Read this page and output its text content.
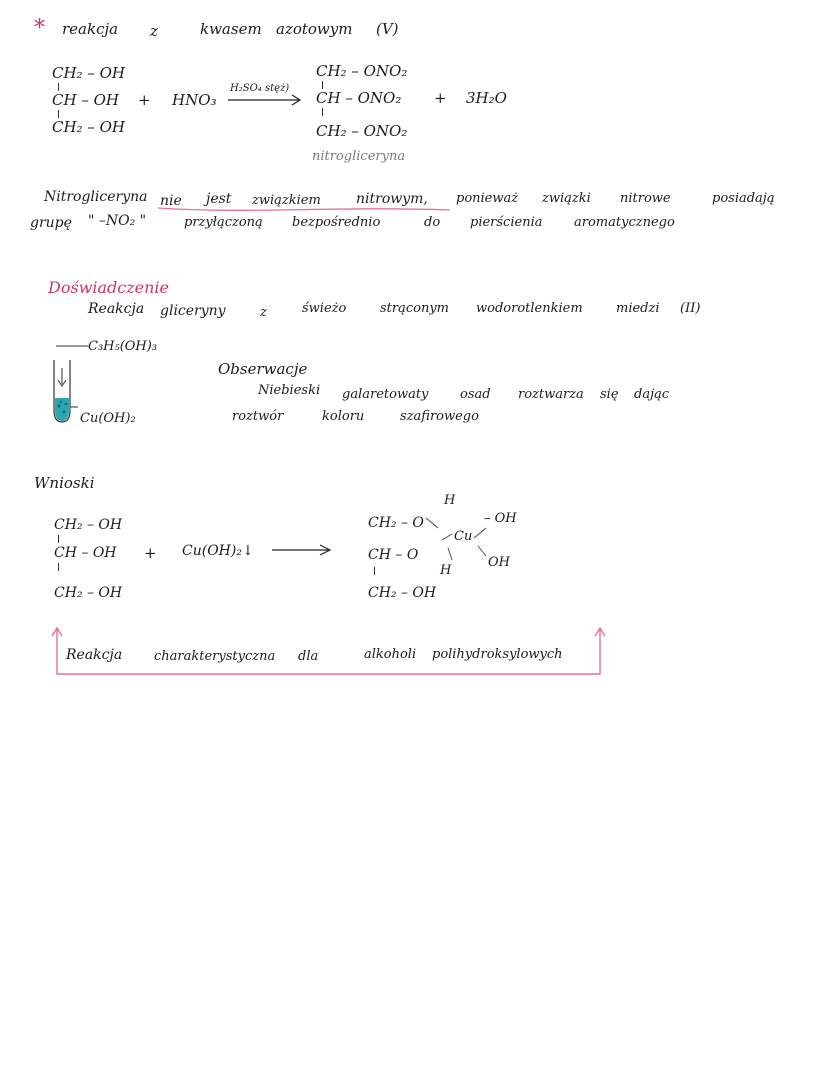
* reakcja z	kwasem azotowym (V)
CH₂ – OH
CH – OH
CH₂ – OH
+ HNO₃
H₂SO₄ stęż)
CH₂ – ONO₂
CH – ONO₂
CH₂ – ONO₂
+ 3H₂O
nitrogliceryna
Nitrogliceryna nie jest związkiem	nitrowym, ponieważ związki nitrowe	posiadają
grupę " –NO₂ "	przyłączoną bezpośrednio	do pierścienia aromatycznego
Doświadczenie
Reakcja gliceryny	z	świeżo	strąconym wodorotlenkiem	miedzi (II)
C₃H₅(OH)₃
Cu(OH)₂
Obserwacje
Niebieski galaretowaty osad roztwarza się dając
roztwór	koloru	szafirowego
Wnioski
CH₂ – OH
CH – OH
CH₂ – OH
+ Cu(OH)₂↓
CH₂ – O
CH – O
CH₂ – OH
Cu
H
H
– OH
OH
Reakcja charakterystyczna dla	alkoholi polihydroksylowych
